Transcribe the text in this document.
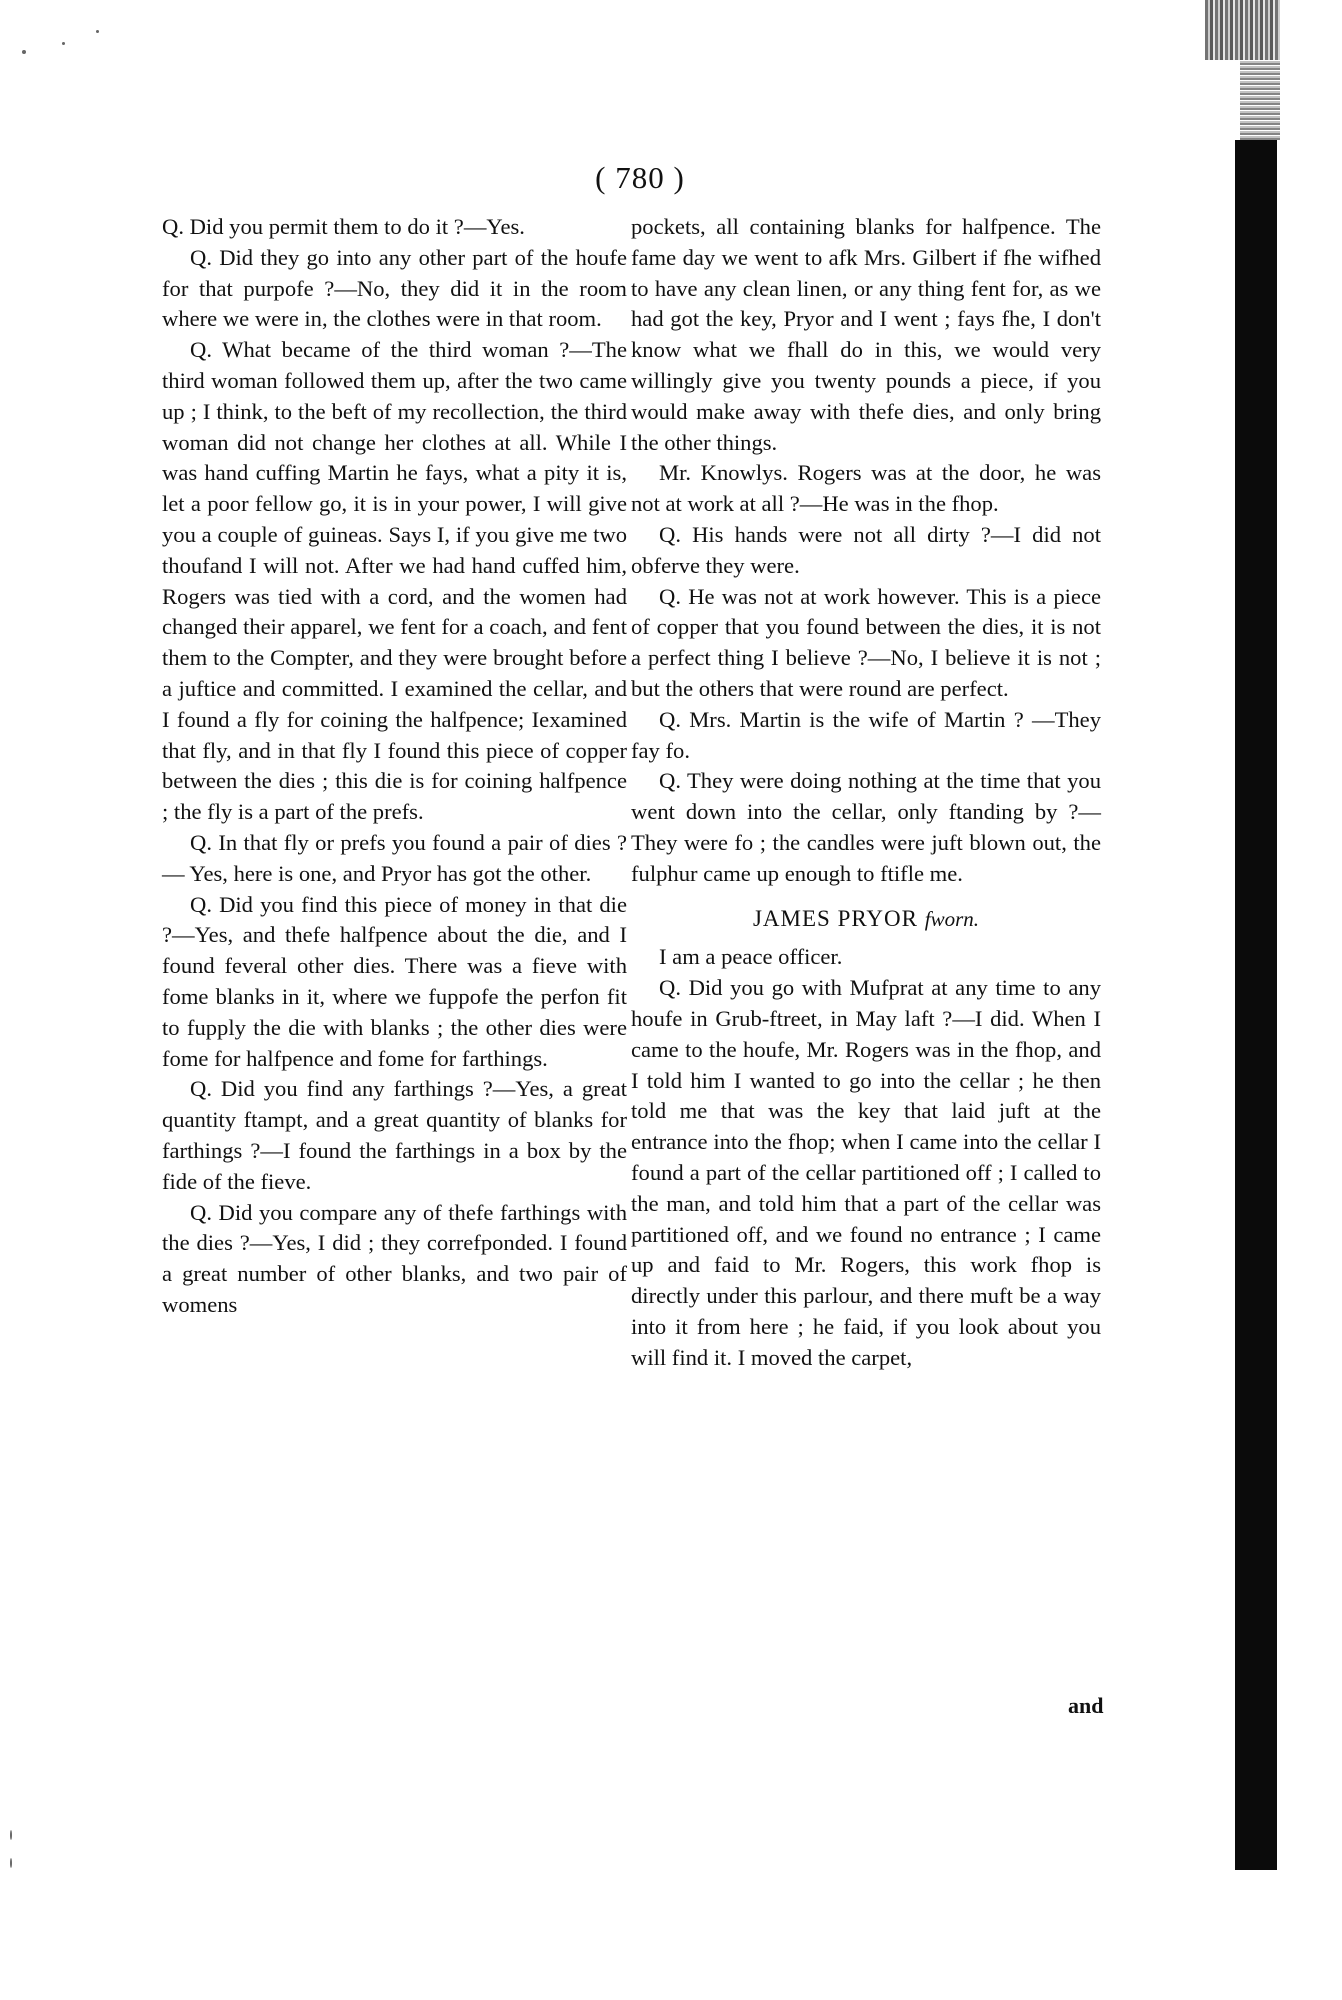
( 780 )

Q. Did you permit them to do it ?—Yes.

Q. Did they go into any other part of the houfe for that purpofe ?—No, they did it in the room where we were in, the clothes were in that room.

Q. What became of the third woman ?—The third woman followed them up, after the two came up ; I think, to the beft of my recollection, the third woman did not change her clothes at all. While I was hand cuffing Martin he fays, what a pity it is, let a poor fellow go, it is in your power, I will give you a couple of guineas. Says I, if you give me two thoufand I will not. After we had hand cuffed him, Rogers was tied with a cord, and the women had changed their apparel, we fent for a coach, and fent them to the Compter, and they were brought before a juftice and committed. I examined the cellar, and I found a fly for coining the halfpence; Iexamined that fly, and in that fly I found this piece of copper between the dies ; this die is for coining halfpence ; the fly is a part of the prefs.

Q. In that fly or prefs you found a pair of dies ?— Yes, here is one, and Pryor has got the other.

Q. Did you find this piece of money in that die ?—Yes, and thefe halfpence about the die, and I found feveral other dies. There was a fieve with fome blanks in it, where we fuppofe the perfon fit to fupply the die with blanks ; the other dies were fome for halfpence and fome for farthings.

Q. Did you find any farthings ?—Yes, a great quantity ftampt, and a great quantity of blanks for farthings ?—I found the farthings in a box by the fide of the fieve.

Q. Did you compare any of thefe farthings with the dies ?—Yes, I did ; they correfponded. I found a great number of other blanks, and two pair of womens

pockets, all containing blanks for halfpence. The fame day we went to afk Mrs. Gilbert if fhe wifhed to have any clean linen, or any thing fent for, as we had got the key, Pryor and I went ; fays fhe, I don't know what we fhall do in this, we would very willingly give you twenty pounds a piece, if you would make away with thefe dies, and only bring the other things.

Mr. Knowlys. Rogers was at the door, he was not at work at all ?—He was in the fhop.

Q. His hands were not all dirty ?—I did not obferve they were.

Q. He was not at work however. This is a piece of copper that you found between the dies, it is not a perfect thing I believe ?—No, I believe it is not ; but the others that were round are perfect.

Q. Mrs. Martin is the wife of Martin ? —They fay fo.

Q. They were doing nothing at the time that you went down into the cellar, only ftanding by ?—They were fo ; the candles were juft blown out, the fulphur came up enough to ftifle me.

JAMES PRYOR fworn.

I am a peace officer.

Q. Did you go with Mufprat at any time to any houfe in Grub-ftreet, in May laft ?—I did. When I came to the houfe, Mr. Rogers was in the fhop, and I told him I wanted to go into the cellar ; he then told me that was the key that laid juft at the entrance into the fhop; when I came into the cellar I found a part of the cellar partitioned off ; I called to the man, and told him that a part of the cellar was partitioned off, and we found no entrance ; I came up and faid to Mr. Rogers, this work fhop is directly under this parlour, and there muft be a way into it from here ; he faid, if you look about you will find it. I moved the carpet,

and
